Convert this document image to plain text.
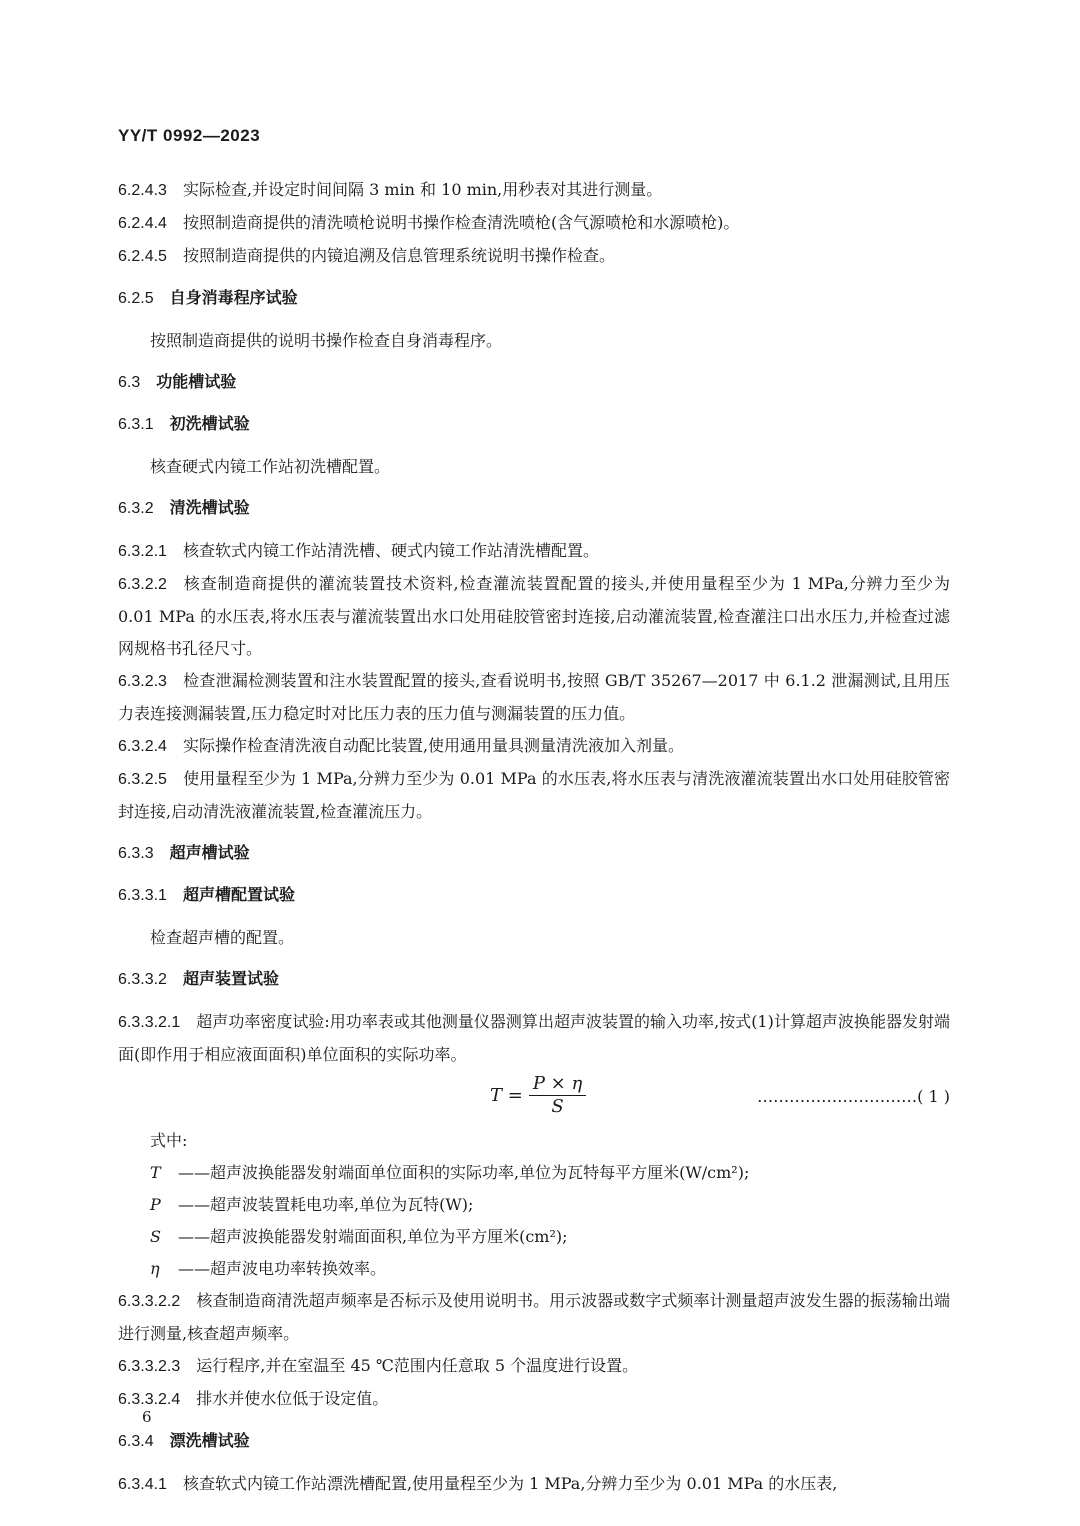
YY/T 0992—2023
6.2.4.3 实际检查,并设定时间间隔 3 min 和 10 min,用秒表对其进行测量。
6.2.4.4 按照制造商提供的清洗喷枪说明书操作检查清洗喷枪(含气源喷枪和水源喷枪)。
6.2.4.5 按照制造商提供的内镜追溯及信息管理系统说明书操作检查。
6.2.5 自身消毒程序试验
按照制造商提供的说明书操作检查自身消毒程序。
6.3 功能槽试验
6.3.1 初洗槽试验
核查硬式内镜工作站初洗槽配置。
6.3.2 清洗槽试验
6.3.2.1 核查软式内镜工作站清洗槽、硬式内镜工作站清洗槽配置。
6.3.2.2 核查制造商提供的灌流装置技术资料,检查灌流装置配置的接头,并使用量程至少为 1 MPa,分辨力至少为 0.01 MPa 的水压表,将水压表与灌流装置出水口处用硅胶管密封连接,启动灌流装置,检查灌注口出水压力,并检查过滤网规格书孔径尺寸。
6.3.2.3 检查泄漏检测装置和注水装置配置的接头,查看说明书,按照 GB/T 35267—2017 中 6.1.2 泄漏测试,且用压力表连接测漏装置,压力稳定时对比压力表的压力值与测漏装置的压力值。
6.3.2.4 实际操作检查清洗液自动配比装置,使用通用量具测量清洗液加入剂量。
6.3.2.5 使用量程至少为 1 MPa,分辨力至少为 0.01 MPa 的水压表,将水压表与清洗液灌流装置出水口处用硅胶管密封连接,启动清洗液灌流装置,检查灌流压力。
6.3.3 超声槽试验
6.3.3.1 超声槽配置试验
检查超声槽的配置。
6.3.3.2 超声装置试验
6.3.3.2.1 超声功率密度试验:用功率表或其他测量仪器测算出超声波装置的输入功率,按式(1)计算超声波换能器发射端面(即作用于相应液面面积)单位面积的实际功率。
$T = \frac{P \times \eta}{S}$	…………………………( 1 )
式中:
T ——超声波换能器发射端面单位面积的实际功率,单位为瓦特每平方厘米(W/cm²);
P ——超声波装置耗电功率,单位为瓦特(W);
S ——超声波换能器发射端面面积,单位为平方厘米(cm²);
η ——超声波电功率转换效率。
6.3.3.2.2 核查制造商清洗超声频率是否标示及使用说明书。用示波器或数字式频率计测量超声波发生器的振荡输出端进行测量,核查超声频率。
6.3.3.2.3 运行程序,并在室温至 45 ℃范围内任意取 5 个温度进行设置。
6.3.3.2.4 排水并使水位低于设定值。
6.3.4 漂洗槽试验
6.3.4.1 核查软式内镜工作站漂洗槽配置,使用量程至少为 1 MPa,分辨力至少为 0.01 MPa 的水压表,
6
